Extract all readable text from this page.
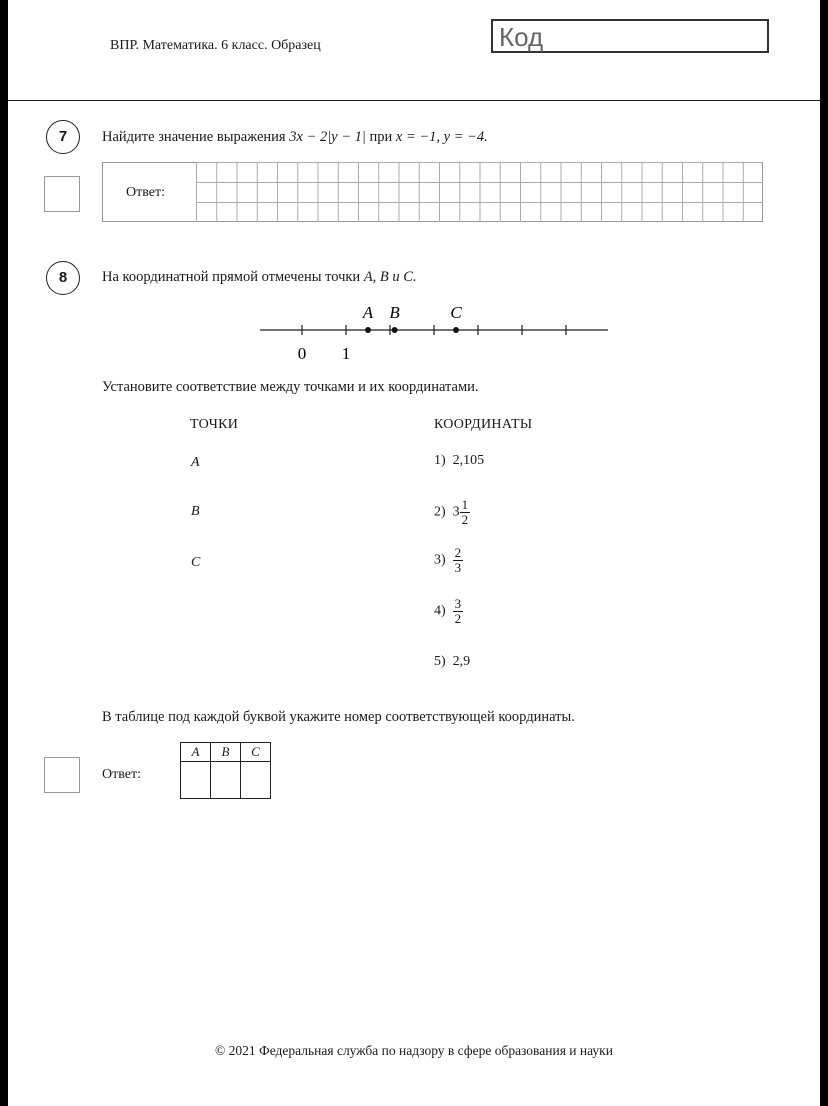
ВПР. Математика. 6 класс. Образец	Код
7	Найдите значение выражения 3x − 2|y − 1| при x = −1, y = −4.
Ответ:
8	На координатной прямой отмечены точки A, B и C.
A B	C
0 1
Установите соответствие между точками и их координатами.
ТОЧКИ	КООРДИНАТЫ
A
B
C
1) 2,105
2) $3 \frac{1}{2}$
$3) \frac{2}{3}$
$4) \frac{3}{2}$
5) 2,9
В таблице под каждой буквой укажите номер соответствующей координаты.
Ответ:
A	B	C

© 2021 Федеральная служба по надзору в сфере образования и науки
